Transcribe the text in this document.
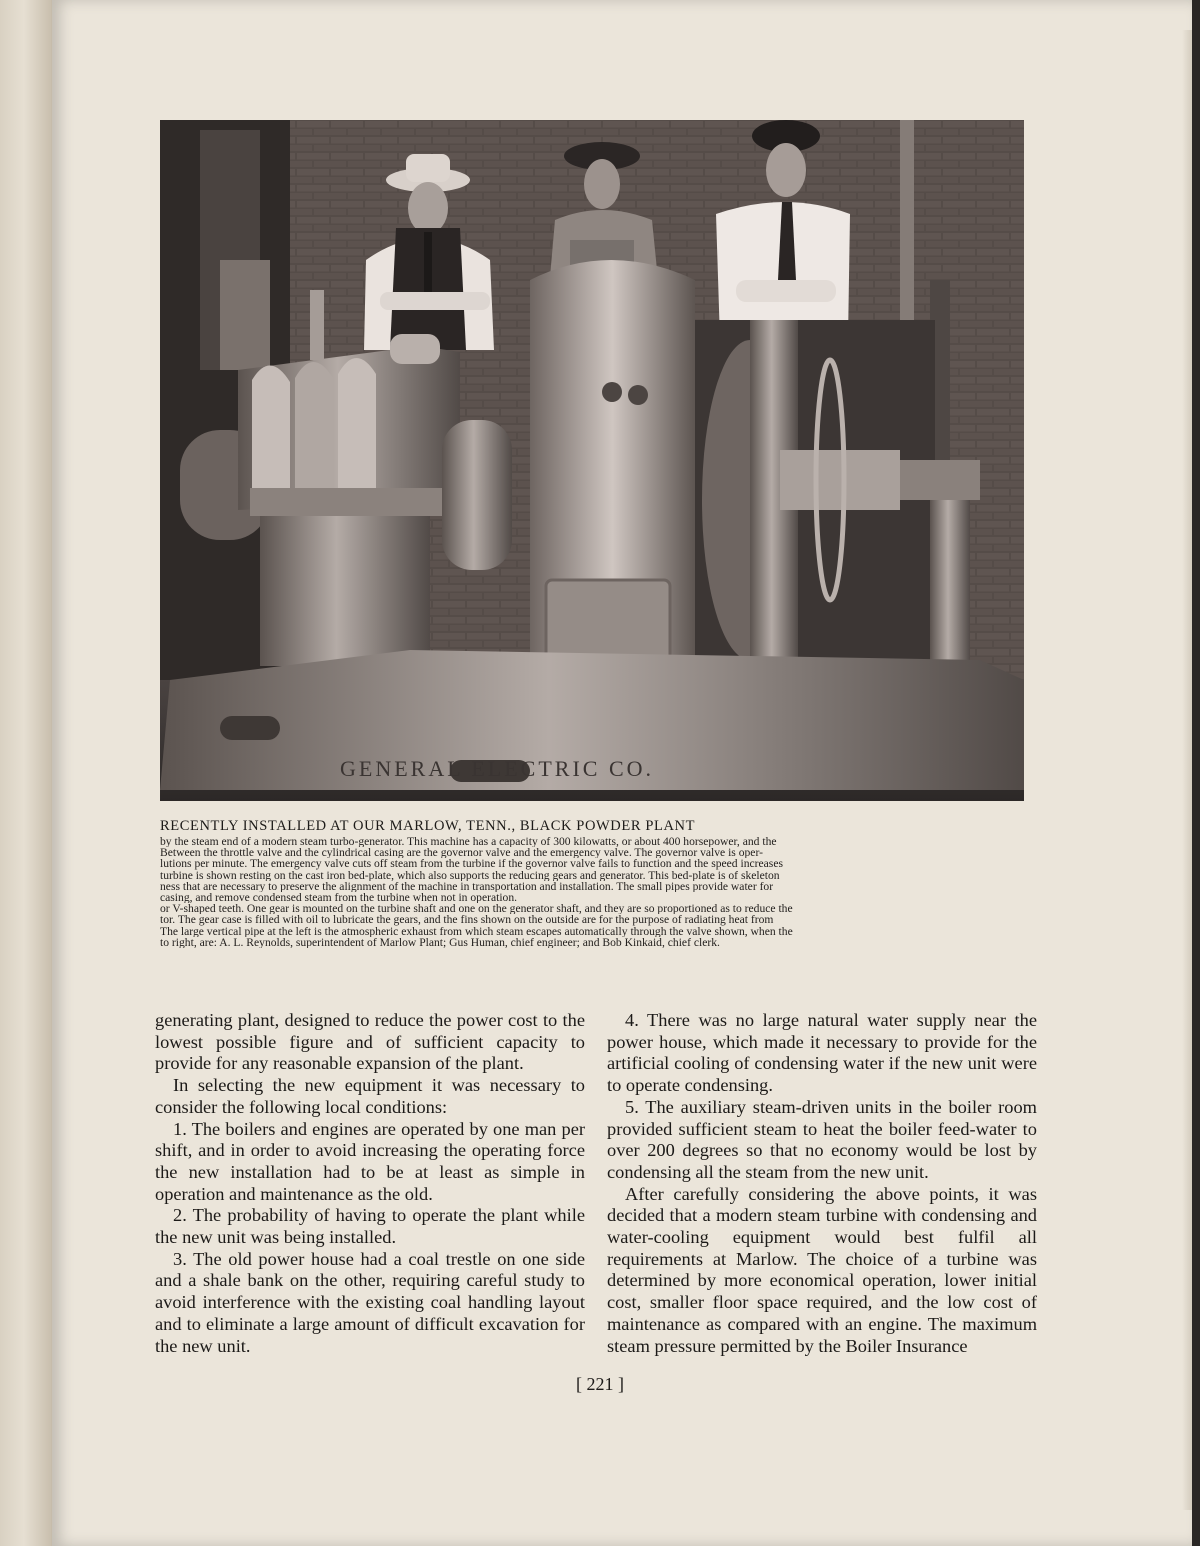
GENERAL ELECTRIC CO.
RECENTLY INSTALLED AT OUR MARLOW, TENN., BLACK POWDER PLANT
by the steam end of a modern steam turbo-generator. This machine has a capacity of 300 kilowatts, or about 400 horsepower, and the
Between the throttle valve and the cylindrical casing are the governor valve and the emergency valve. The governor valve is oper-
lutions per minute. The emergency valve cuts off steam from the turbine if the governor valve fails to function and the speed increases
turbine is shown resting on the cast iron bed-plate, which also supports the reducing gears and generator. This bed-plate is of skeleton
ness that are necessary to preserve the alignment of the machine in transportation and installation. The small pipes provide water for
casing, and remove condensed steam from the turbine when not in operation.
or V-shaped teeth. One gear is mounted on the turbine shaft and one on the generator shaft, and they are so proportioned as to reduce the
tor. The gear case is filled with oil to lubricate the gears, and the fins shown on the outside are for the purpose of radiating heat from
The large vertical pipe at the left is the atmospheric exhaust from which steam escapes automatically through the valve shown, when the
to right, are: A. L. Reynolds, superintendent of Marlow Plant; Gus Human, chief engineer; and Bob Kinkaid, chief clerk.

generating plant, designed to reduce the power cost to the lowest possible figure and of sufficient capacity to provide for any reasonable expansion of the plant.

In selecting the new equipment it was necessary to consider the following local conditions:

1. The boilers and engines are operated by one man per shift, and in order to avoid increasing the operating force the new installation had to be at least as simple in operation and maintenance as the old.

2. The probability of having to operate the plant while the new unit was being installed.

3. The old power house had a coal trestle on one side and a shale bank on the other, requiring careful study to avoid interference with the existing coal handling layout and to eliminate a large amount of difficult excavation for the new unit.

4. There was no large natural water supply near the power house, which made it necessary to provide for the artificial cooling of condensing water if the new unit were to operate condensing.

5. The auxiliary steam-driven units in the boiler room provided sufficient steam to heat the boiler feed-water to over 200 degrees so that no economy would be lost by condensing all the steam from the new unit.

After carefully considering the above points, it was decided that a modern steam turbine with condensing and water-cooling equipment would best fulfil all requirements at Marlow. The choice of a turbine was determined by more economical operation, lower initial cost, smaller floor space required, and the low cost of maintenance as compared with an engine. The maximum steam pressure permitted by the Boiler Insurance

[ 221 ]
